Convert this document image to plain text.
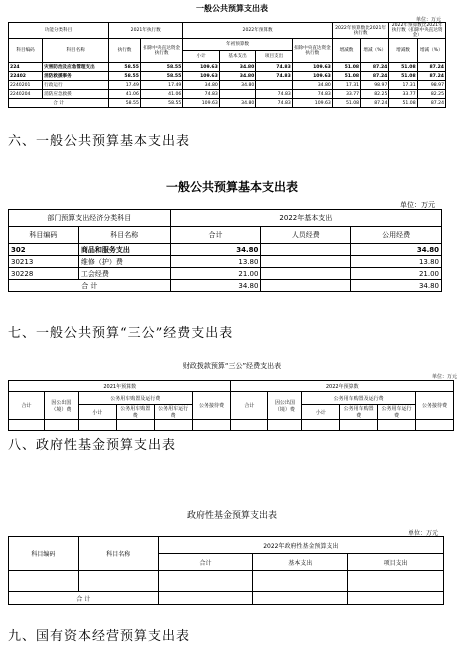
一般公共预算支出表
单位：万元
功能分类科目		2021年执行数		2022年预算数				2022年预算数比2021年执行数		2022年预算数比2021年执行数（扣除中央直达资金）	
科目编码	科目名称	执行数	扣除中央直达资金执行数	年初预算数			扣除中央直达资金执行数	增减数	增减（%）	增减数	增减（%）
				小计	基本支出	项目支出					
224	灾害防治及应急管理支出	58.55	58.55	109.63	34.80	74.83	109.63	51.08	87.24	51.08	87.24
22402	消防救援事务	58.55	58.55	109.63	34.80	74.83	109.63	51.08	87.24	51.08	87.24
2240201	行政运行	17.49	17.49	34.80	34.80		34.80	17.31	98.97	17.31	98.97
2240204	消防应急救援	41.06	41.06	74.83		74.83	74.83	33.77	82.25	33.77	82.25
合 计		58.55	58.55	109.63	34.80	74.83	109.63	51.08	87.24	51.08	87.24
六、一般公共预算基本支出表
一般公共预算基本支出表
单位：万元
部门预算支出经济分类科目		2022年基本支出		
科目编码	科目名称	合计	人员经费	公用经费
302	商品和服务支出	34.80		34.80
30213	维修（护）费	13.80		13.80
30228	工会经费	21.00		21.00
合 计		34.80		34.80
七、一般公共预算“三公”经费支出表
财政拨款预算“三公”经费支出表
单位：万元
2021年预算数						2022年预算数					
合计	因公出国（境）费	公务用车购置及运行费			公务接待费	合计	因公出国（境）费	公务用车购置及运行费			公务接待费
		小计	公务用车购置费	公务用车运行费				小计	公务用车购置费	公务用车运行费	

八、政府性基金预算支出表
政府性基金预算支出表
单位：万元
科目编码	科目名称	2022年政府性基金预算支出		
		合计	基本支出	项目支出

合 计				
九、国有资本经营预算支出表
